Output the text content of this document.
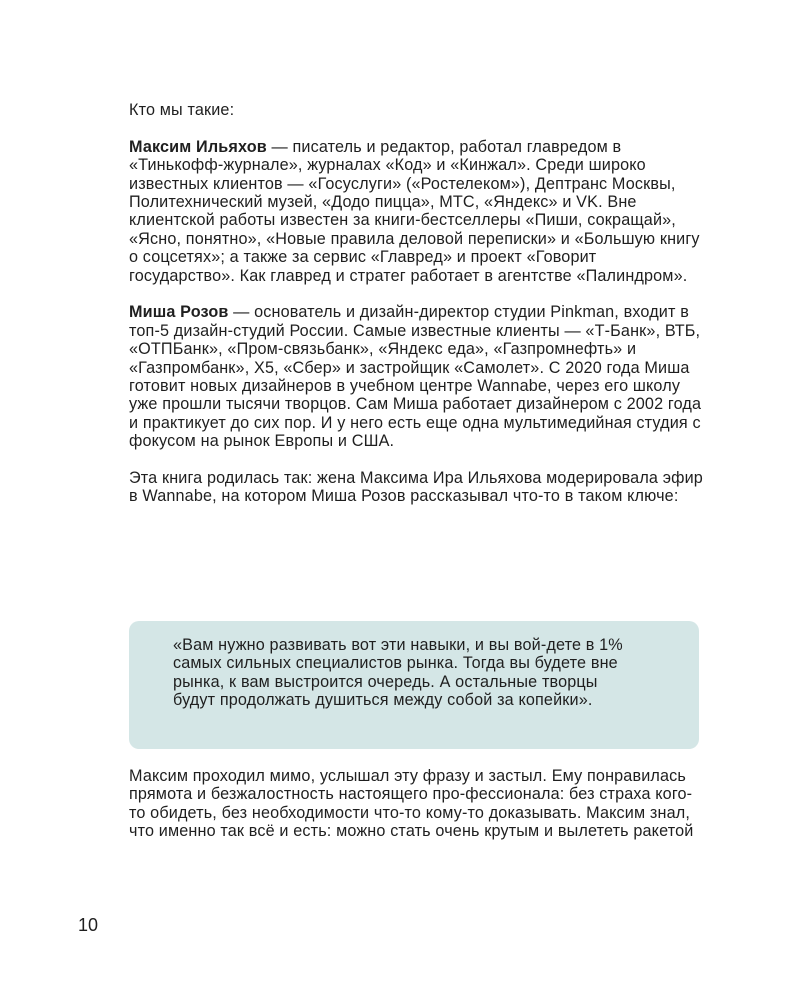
Кто мы такие:

Максим Ильяхов — писатель и редактор, работал главредом в «Тинькофф-журнале», журналах «Код» и «Кинжал». Среди широко известных клиентов — «Госуслуги» («Ростелеком»), Дептранс Москвы, Политехнический музей, «Додо пицца», МТС, «Яндекс» и VK. Вне клиентской работы известен за книги-бестселлеры «Пиши, сокращай», «Ясно, понятно», «Новые правила деловой переписки» и «Большую книгу о соцсетях»; а также за сервис «Главред» и проект «Говорит государство». Как главред и стратег работает в агентстве «Палиндром».

Миша Розов — основатель и дизайн-директор студии Pinkman, входит в топ-5 дизайн-студий России. Самые известные клиенты — «Т-Банк», ВТБ, «ОТПБанк», «Пром-связьбанк», «Яндекс еда», «Газпромнефть» и «Газпромбанк», Х5, «Сбер» и застройщик «Самолет». С 2020 года Миша готовит новых дизайнеров в учебном центре Wannabe, через его школу уже прошли тысячи творцов. Сам Миша работает дизайнером с 2002 года и практикует до сих пор. И у него есть еще одна мультимедийная студия с фокусом на рынок Европы и США.

Эта книга родилась так: жена Максима Ира Ильяхова модерировала эфир в Wannabe, на котором Миша Розов рассказывал что-то в таком ключе:

«Вам нужно развивать вот эти навыки, и вы вой-дете в 1% самых сильных специалистов рынка. Тогда вы будете вне рынка, к вам выстроится очередь. А остальные творцы будут продолжать душиться между собой за копейки».

Максим проходил мимо, услышал эту фразу и застыл. Ему понравилась прямота и безжалостность настоящего про-фессионала: без страха кого-то обидеть, без необходимости что-то кому-то доказывать. Максим знал, что именно так всё и есть: можно стать очень крутым и вылететь ракетой

10
